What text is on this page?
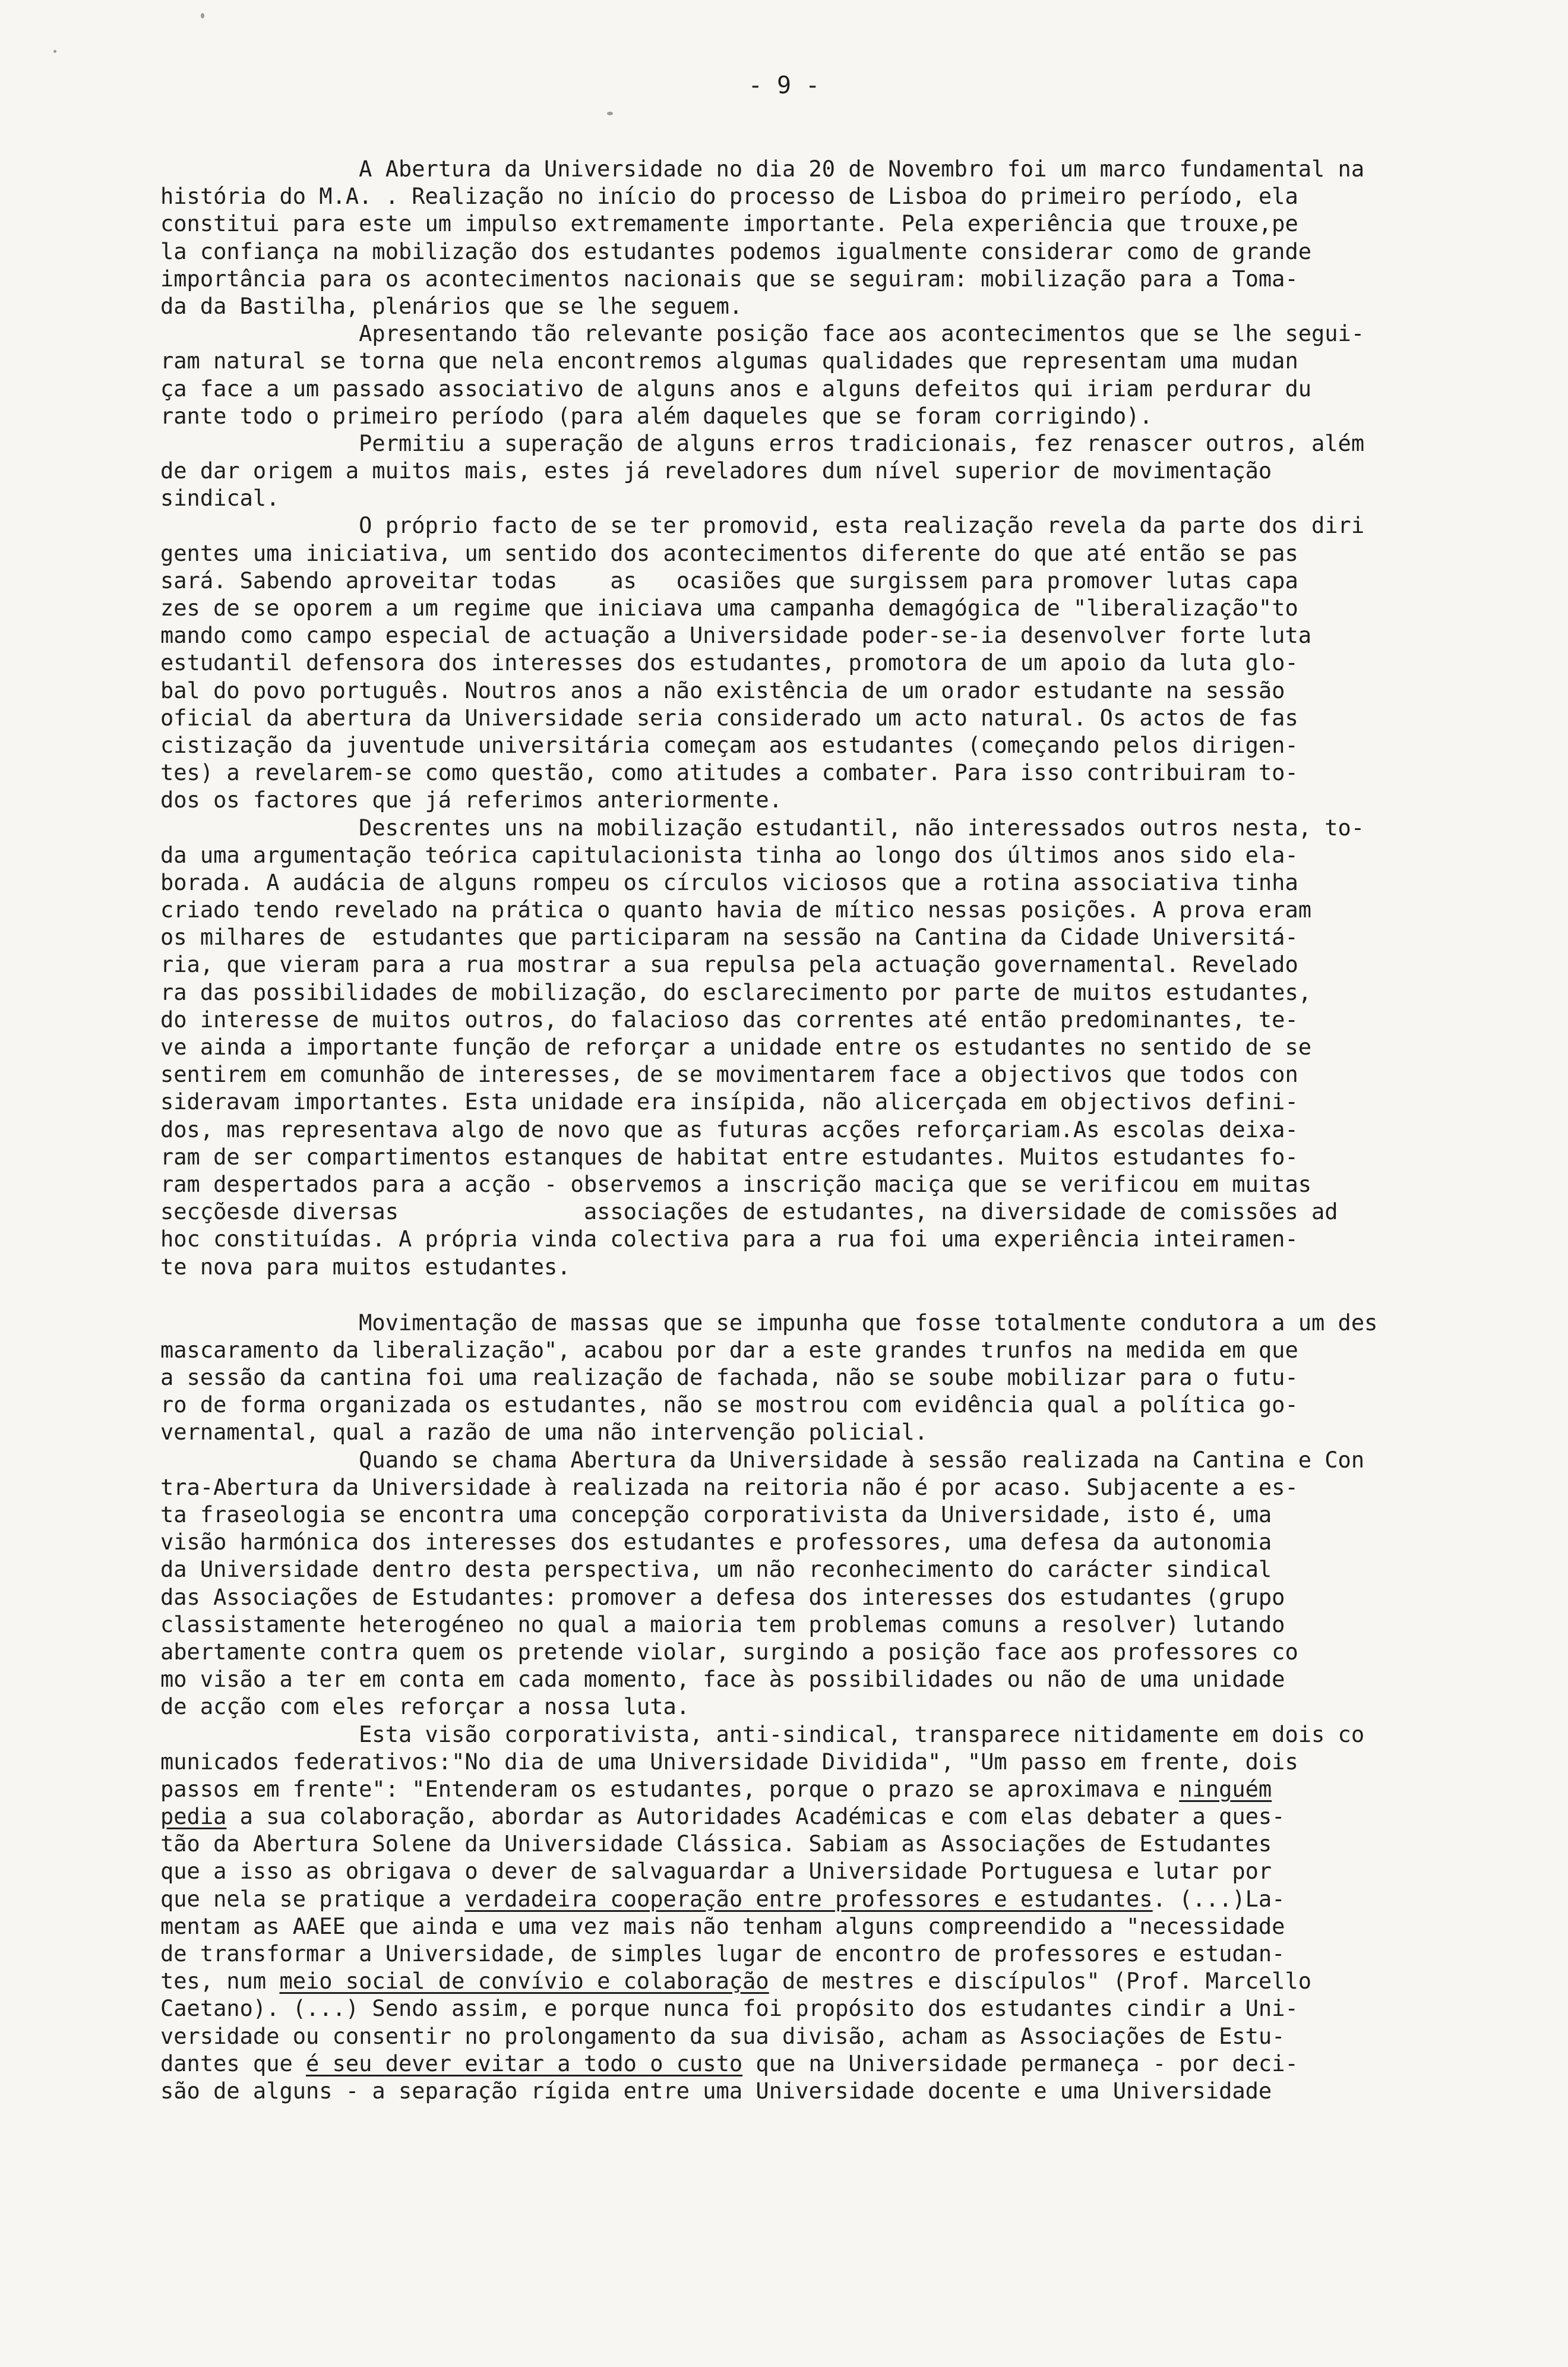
- 9 -
A Abertura da Universidade no dia 20 de Novembro foi um marco fundamental na
história do M.A. . Realização no início do processo de Lisboa do primeiro período, ela
constitui para este um impulso extremamente importante. Pela experiência que trouxe,pe
la confiança na mobilização dos estudantes podemos igualmente considerar como de grande
importância para os acontecimentos nacionais que se seguiram: mobilização para a Toma-
da da Bastilha, plenários que se lhe seguem.
Apresentando tão relevante posição face aos acontecimentos que se lhe segui-
ram natural se torna que nela encontremos algumas qualidades que representam uma mudan
ça face a um passado associativo de alguns anos e alguns defeitos qui iriam perdurar du
rante todo o primeiro período (para além daqueles que se foram corrigindo).
Permitiu a superação de alguns erros tradicionais, fez renascer outros, além
de dar origem a muitos mais, estes já reveladores dum nível superior de movimentação
sindical.
O próprio facto de se ter promovid, esta realização revela da parte dos diri
gentes uma iniciativa, um sentido dos acontecimentos diferente do que até então se pas
sará. Sabendo aproveitar todas    as   ocasiões que surgissem para promover lutas capa
zes de se oporem a um regime que iniciava uma campanha demagógica de "liberalização"to
mando como campo especial de actuação a Universidade poder-se-ia desenvolver forte luta
estudantil defensora dos interesses dos estudantes, promotora de um apoio da luta glo-
bal do povo português. Noutros anos a não existência de um orador estudante na sessão
oficial da abertura da Universidade seria considerado um acto natural. Os actos de fas
cistização da juventude universitária começam aos estudantes (começando pelos dirigen-
tes) a revelarem-se como questão, como atitudes a combater. Para isso contribuiram to-
dos os factores que já referimos anteriormente.
Descrentes uns na mobilização estudantil, não interessados outros nesta, to-
da uma argumentação teórica capitulacionista tinha ao longo dos últimos anos sido ela-
borada. A audácia de alguns rompeu os círculos viciosos que a rotina associativa tinha
criado tendo revelado na prática o quanto havia de mítico nessas posições. A prova eram
os milhares de  estudantes que participaram na sessão na Cantina da Cidade Universitá-
ria, que vieram para a rua mostrar a sua repulsa pela actuação governamental. Revelado
ra das possibilidades de mobilização, do esclarecimento por parte de muitos estudantes,
do interesse de muitos outros, do falacioso das correntes até então predominantes, te-
ve ainda a importante função de reforçar a unidade entre os estudantes no sentido de se
sentirem em comunhão de interesses, de se movimentarem face a objectivos que todos con
sideravam importantes. Esta unidade era insípida, não alicerçada em objectivos defini-
dos, mas representava algo de novo que as futuras acções reforçariam.As escolas deixa-
ram de ser compartimentos estanques de habitat entre estudantes. Muitos estudantes fo-
ram despertados para a acção - observemos a inscrição maciça que se verificou em muitas
secçõesde diversas              associações de estudantes, na diversidade de comissões ad
hoc constituídas. A própria vinda colectiva para a rua foi uma experiência inteiramen-
te nova para muitos estudantes.
Movimentação de massas que se impunha que fosse totalmente condutora a um des
mascaramento da liberalização", acabou por dar a este grandes trunfos na medida em que
a sessão da cantina foi uma realização de fachada, não se soube mobilizar para o futu-
ro de forma organizada os estudantes, não se mostrou com evidência qual a política go-
vernamental, qual a razão de uma não intervenção policial.
Quando se chama Abertura da Universidade à sessão realizada na Cantina e Con
tra-Abertura da Universidade à realizada na reitoria não é por acaso. Subjacente a es-
ta fraseologia se encontra uma concepção corporativista da Universidade, isto é, uma
visão harmónica dos interesses dos estudantes e professores, uma defesa da autonomia
da Universidade dentro desta perspectiva, um não reconhecimento do carácter sindical
das Associações de Estudantes: promover a defesa dos interesses dos estudantes (grupo
classistamente heterogéneo no qual a maioria tem problemas comuns a resolver) lutando
abertamente contra quem os pretende violar, surgindo a posição face aos professores co
mo visão a ter em conta em cada momento, face às possibilidades ou não de uma unidade
de acção com eles reforçar a nossa luta.
Esta visão corporativista, anti-sindical, transparece nitidamente em dois co
municados federativos:"No dia de uma Universidade Dividida", "Um passo em frente, dois
passos em frente": "Entenderam os estudantes, porque o prazo se aproximava e ninguém
pedia a sua colaboração, abordar as Autoridades Académicas e com elas debater a ques-
tão da Abertura Solene da Universidade Clássica. Sabiam as Associações de Estudantes
que a isso as obrigava o dever de salvaguardar a Universidade Portuguesa e lutar por
que nela se pratique a verdadeira cooperação entre professores e estudantes. (...)La-
mentam as AAEE que ainda e uma vez mais não tenham alguns compreendido a "necessidade
de transformar a Universidade, de simples lugar de encontro de professores e estudan-
tes, num meio social de convívio e colaboração de mestres e discípulos" (Prof. Marcello
Caetano). (...) Sendo assim, e porque nunca foi propósito dos estudantes cindir a Uni-
versidade ou consentir no prolongamento da sua divisão, acham as Associações de Estu-
dantes que é seu dever evitar a todo o custo que na Universidade permaneça - por deci-
são de alguns - a separação rígida entre uma Universidade docente e uma Universidade
